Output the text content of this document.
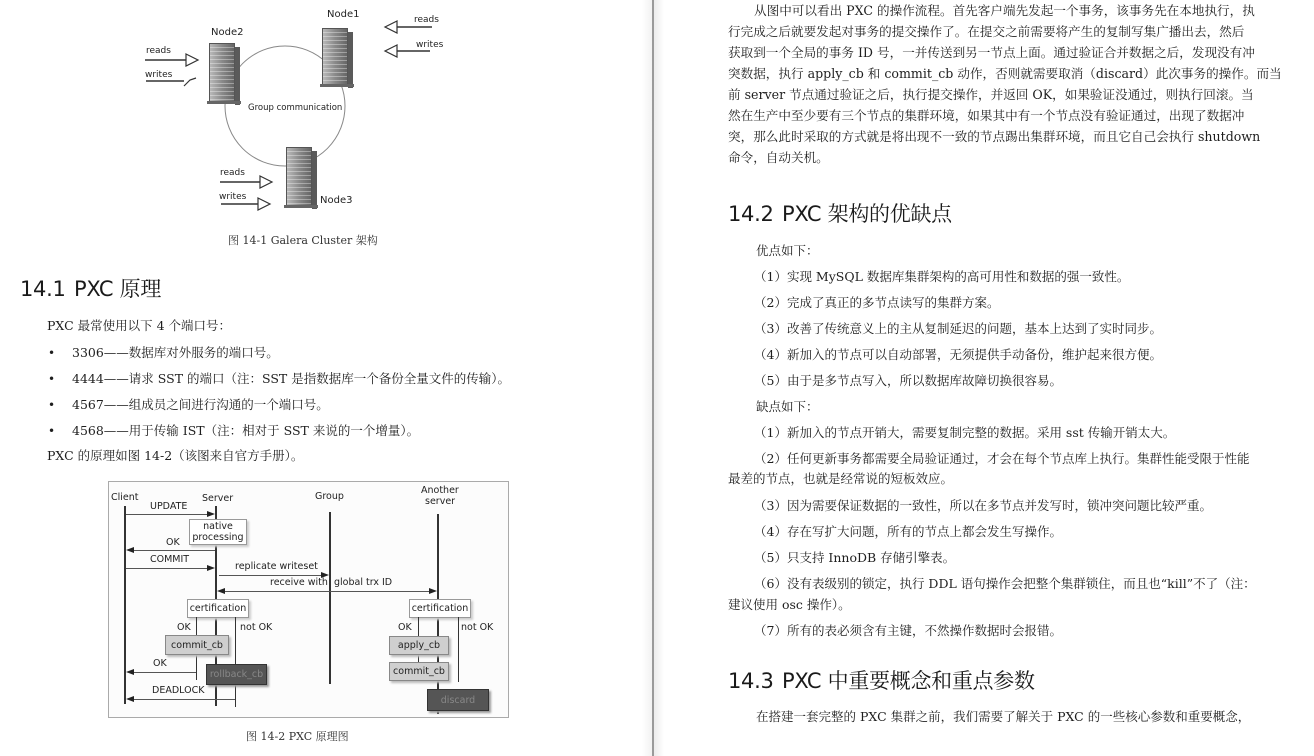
Node2
reads
writes
Node1	reads
writes
Group communication
Node3
reads
writes
图 14-1 Galera Cluster 架构
14.1 PXC 原理
PXC 最常使用以下 4 个端口号：
• 3306——数据库对外服务的端口号。
• 4444——请求 SST 的端口（注：SST 是指数据库一个备份全量文件的传输）。
• 4567——组成员之间进行沟通的一个端口号。
• 4568——用于传输 IST（注：相对于 SST 来说的一个增量）。
PXC 的原理如图 14-2（该图来自官方手册）。
Client	Server	Group
Another
server
UPDATE
native
processing
OK
COMMIT
replicate writeset
receive with global trx ID
certification
OK	not OK
commit_cb
rollback_cb
OK
DEADLOCK
certification
OK	not OK
apply_cb
commit_cb
discard
图 14-2 PXC 原理图
从图中可以看出 PXC 的操作流程。首先客户端先发起一个事务，该事务先在本地执行，执
行完成之后就要发起对事务的提交操作了。在提交之前需要将产生的复制写集广播出去，然后
获取到一个全局的事务 ID 号，一并传送到另一节点上面。通过验证合并数据之后，发现没有冲
突数据，执行 apply_cb 和 commit_cb 动作，否则就需要取消（discard）此次事务的操作。而当
前 server 节点通过验证之后，执行提交操作，并返回 OK，如果验证没通过，则执行回滚。当
然在生产中至少要有三个节点的集群环境，如果其中有一个节点没有验证通过，出现了数据冲
突，那么此时采取的方式就是将出现不一致的节点踢出集群环境，而且它自己会执行 shutdown
命令，自动关机。
14.2 PXC 架构的优缺点
优点如下：
（1）实现 MySQL 数据库集群架构的高可用性和数据的强一致性。
（2）完成了真正的多节点读写的集群方案。
（3）改善了传统意义上的主从复制延迟的问题，基本上达到了实时同步。
（4）新加入的节点可以自动部署，无须提供手动备份，维护起来很方便。
（5）由于是多节点写入，所以数据库故障切换很容易。
缺点如下：
（1）新加入的节点开销大，需要复制完整的数据。采用 sst 传输开销太大。
（2）任何更新事务都需要全局验证通过，才会在每个节点库上执行。集群性能受限于性能
最差的节点，也就是经常说的短板效应。
（3）因为需要保证数据的一致性，所以在多节点并发写时，锁冲突问题比较严重。
（4）存在写扩大问题，所有的节点上都会发生写操作。
（5）只支持 InnoDB 存储引擎表。
（6）没有表级别的锁定，执行 DDL 语句操作会把整个集群锁住，而且也“kill”不了（注：
建议使用 osc 操作）。
（7）所有的表必须含有主键，不然操作数据时会报错。
14.3 PXC 中重要概念和重点参数
在搭建一套完整的 PXC 集群之前，我们需要了解关于 PXC 的一些核心参数和重要概念，
